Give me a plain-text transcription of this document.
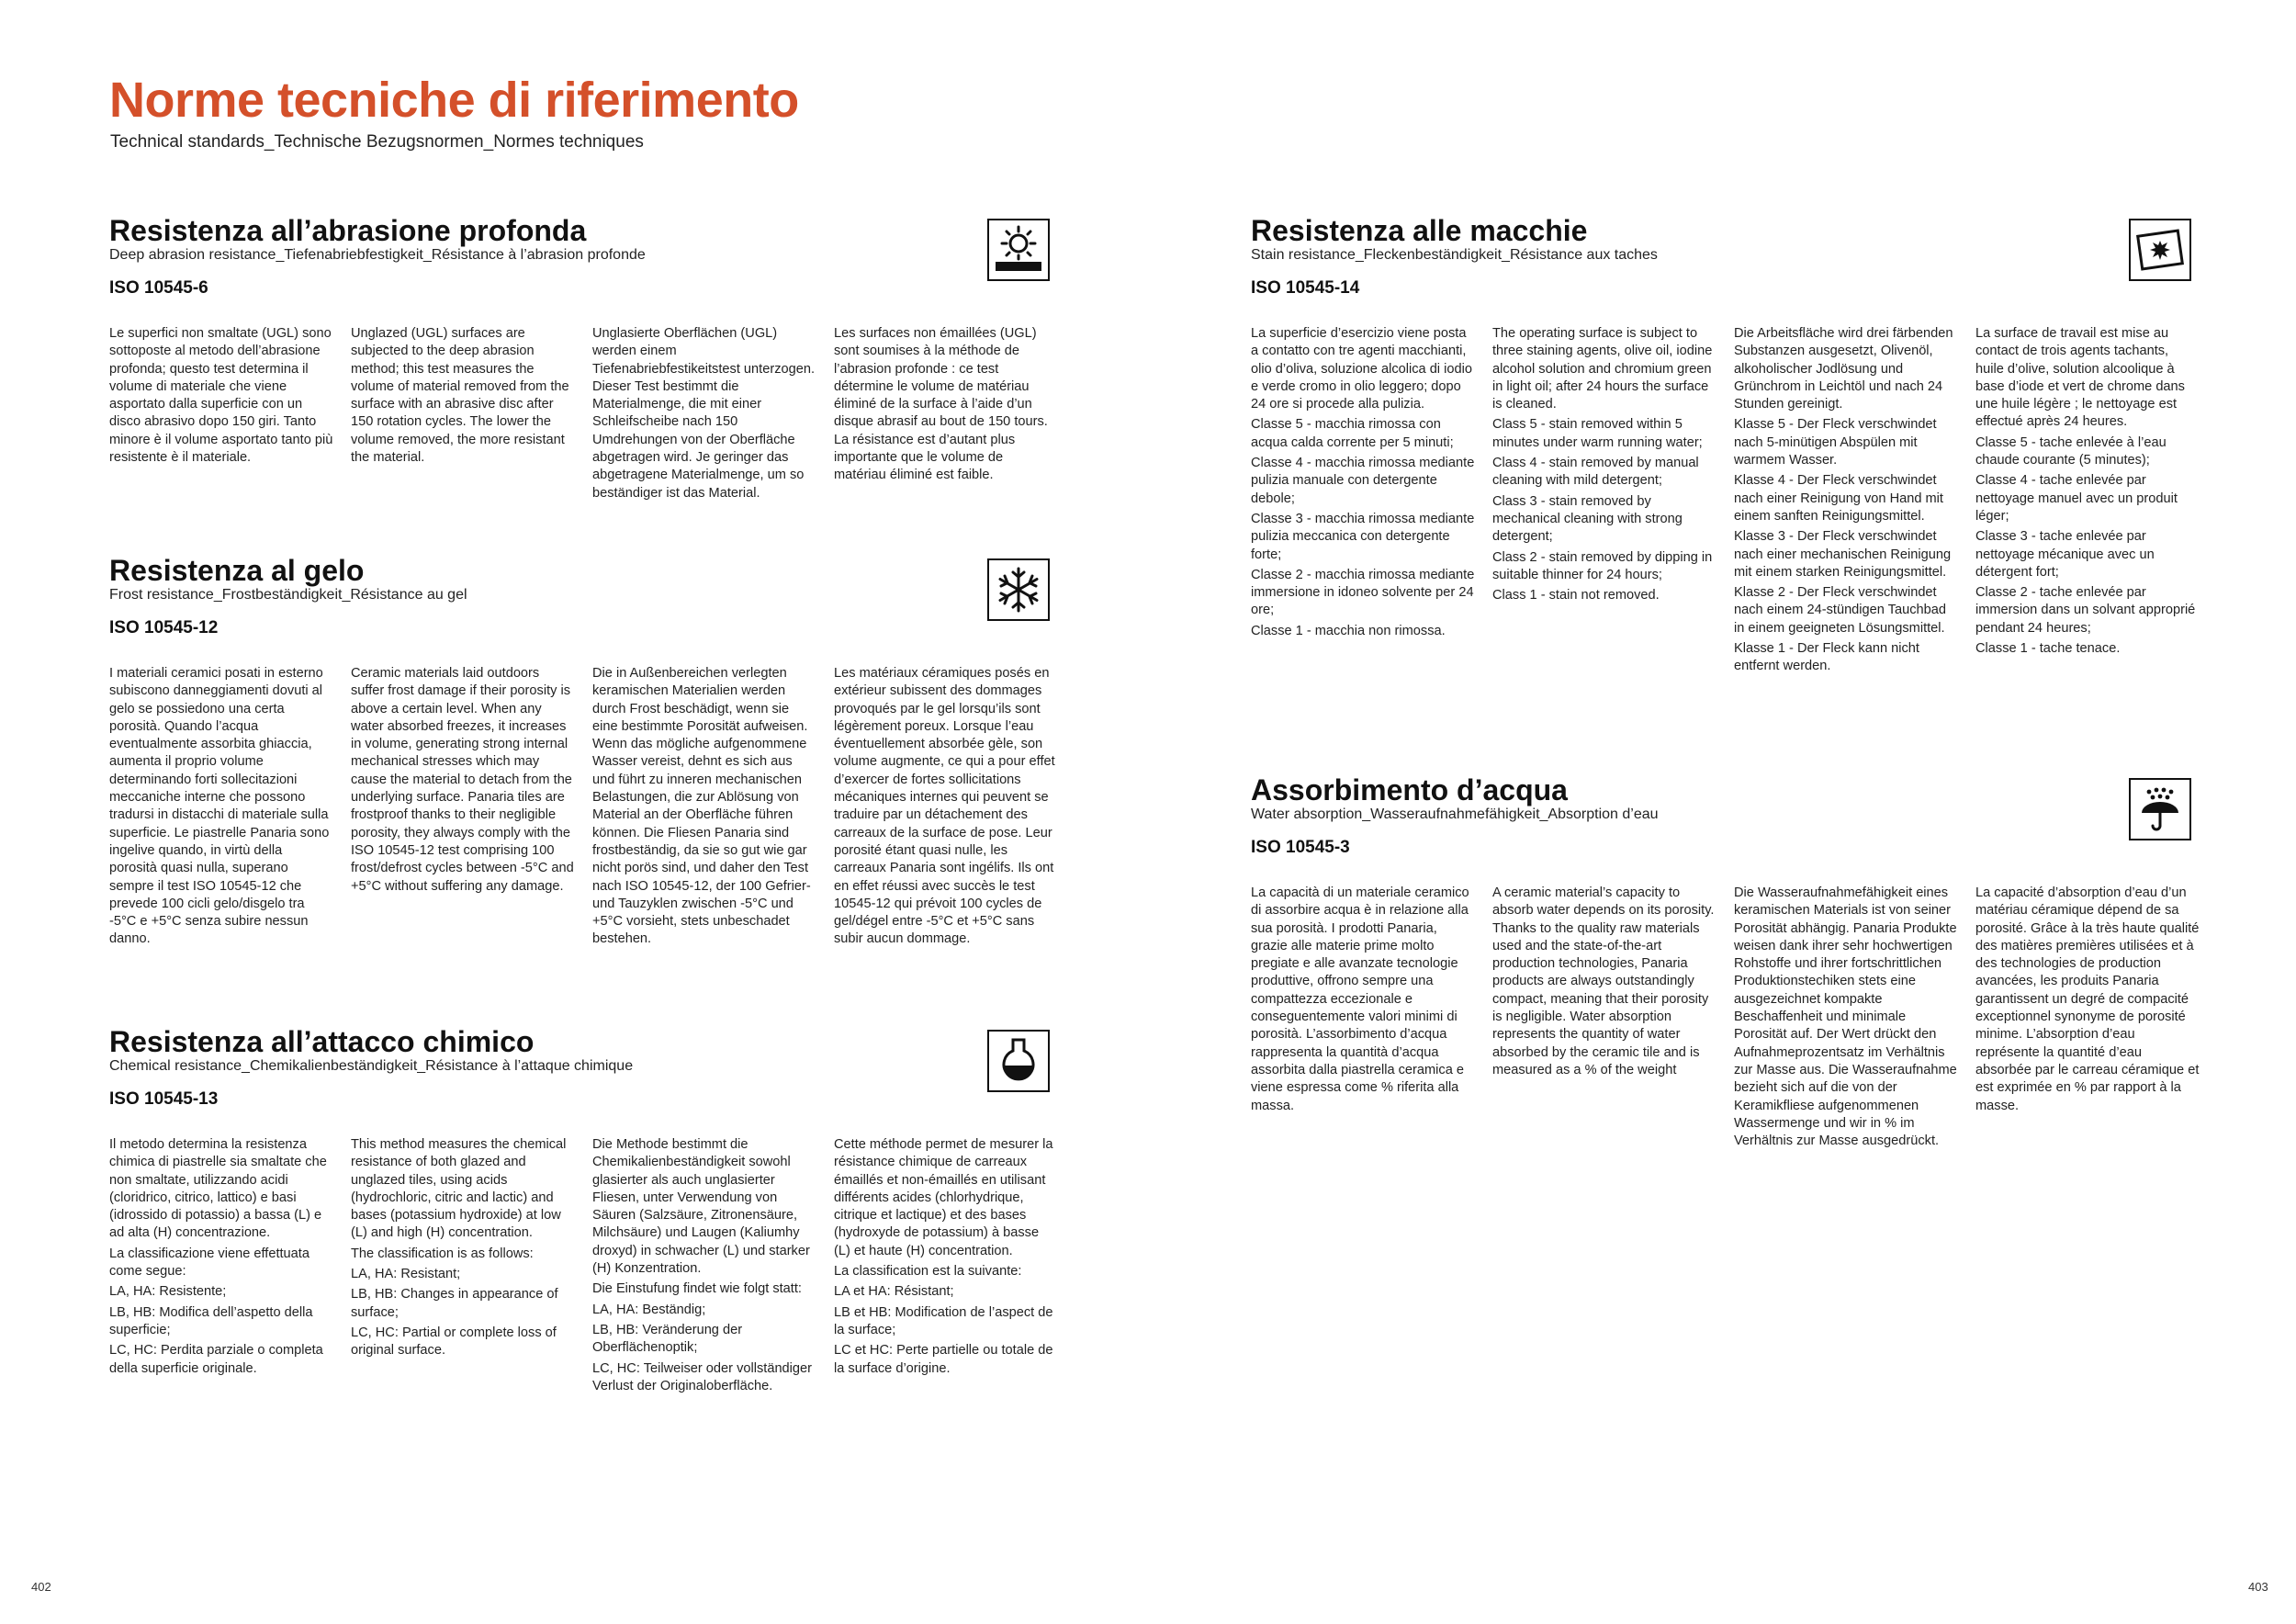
Norme tecniche di riferimento
Technical standards_Technische Bezugsnormen_Normes techniques
Resistenza all’abrasione profonda
Deep abrasion resistance_Tiefenabriebfestigkeit_Résistance à l’abrasion profonde
ISO 10545-6

Le superfici non smaltate (UGL) sono sottoposte al metodo dell’abrasione profonda; questo test determina il volume di materiale che viene asportato dalla superficie con un disco abrasivo dopo 150 giri. Tanto minore è il volume asportato tanto più resistente è il materiale.

Unglazed (UGL) surfaces are subjected to the deep abrasion method; this test measures the volume of material removed from the surface with an abrasive disc after 150 rotation cycles. The lower the volume removed, the more resistant the material.

Unglasierte Oberflächen (UGL) werden einem Tiefenabriebfestikeitstest unterzogen. Dieser Test bestimmt die Materialmenge, die mit einer Schleifscheibe nach 150 Umdrehungen von der Oberfläche abgetragen wird. Je geringer das abgetragene Materialmenge, um so beständiger ist das Material.

Les surfaces non émaillées (UGL) sont soumises à la méthode de l’abrasion profonde : ce test détermine le volume de matériau éliminé de la surface à l’aide d’un disque abrasif au bout de 150 tours. La résistance est d’autant plus importante que le volume de matériau éliminé est faible.

Resistenza al gelo
Frost resistance_Frostbeständigkeit_Résistance au gel
ISO 10545-12

I materiali ceramici posati in esterno subiscono danneggiamenti dovuti al gelo se possiedono una certa porosità. Quando l’acqua eventualmente assorbita ghiaccia, aumenta il proprio volume determinando forti sollecitazioni meccaniche interne che possono tradursi in distacchi di materiale sulla superficie. Le piastrelle Panaria sono ingelive quando, in virtù della porosità quasi nulla, superano sempre il test ISO 10545-12 che prevede 100 cicli gelo/disgelo tra -5°C e +5°C senza subire nessun danno.

Ceramic materials laid outdoors suffer frost damage if their porosity is above a certain level. When any water absorbed freezes, it increases in volume, generating strong internal mechanical stresses which may cause the material to detach from the underlying surface. Panaria tiles are frostproof thanks to their negligible porosity, they always comply with the ISO 10545-12 test comprising 100 frost/defrost cycles between -5°C and +5°C without suffering any damage.

Die in Außenbereichen verlegten keramischen Materialien werden durch Frost beschädigt, wenn sie eine bestimmte Porosität aufweisen. Wenn das mögliche aufgenommene Wasser vereist, dehnt es sich aus und führt zu inneren mechanischen Belastungen, die zur Ablösung von Material an der Oberfläche führen können. Die Fliesen Panaria sind frostbeständig, da sie so gut wie gar nicht porös sind, und daher den Test nach ISO 10545-12, der 100 Gefrier- und Tauzyklen zwischen -5°C und +5°C vorsieht, stets unbeschadet bestehen.

Les matériaux céramiques posés en extérieur subissent des dommages provoqués par le gel lorsqu’ils sont légèrement poreux. Lorsque l’eau éventuellement absorbée gèle, son volume augmente, ce qui a pour effet d’exercer de fortes sollicitations mécaniques internes qui peuvent se traduire par un détachement des carreaux de la surface de pose. Leur porosité étant quasi nulle, les carreaux Panaria sont ingélifs. Ils ont en effet réussi avec succès le test 10545-12 qui prévoit 100 cycles de gel/dégel entre -5°C et +5°C sans subir aucun dommage.

Resistenza all’attacco chimico
Chemical resistance_Chemikalienbeständigkeit_Résistance à l’attaque chimique
ISO 10545-13

Il metodo determina la resistenza chimica di piastrelle sia smaltate che non smaltate, utilizzando acidi (cloridrico, citrico, lattico) e basi (idrossido di potassio) a bassa (L) e ad alta (H) concentrazione.

La classificazione viene effettuata come segue:

LA, HA: Resistente;

LB, HB: Modifica dell’aspetto della superficie;

LC, HC: Perdita parziale o completa della superficie originale.

This method measures the chemical resistance of both glazed and unglazed tiles, using acids (hydrochloric, citric and lactic) and bases (potassium hydroxide) at low (L) and high (H) concentration.

The classification is as follows:

LA, HA: Resistant;

LB, HB: Changes in appearance of surface;

LC, HC: Partial or complete loss of original surface.

Die Methode bestimmt die Chemikalienbeständigkeit sowohl glasierter als auch unglasierter Fliesen, unter Verwendung von Säuren (Salzsäure, Zitronensäure, Milchsäure) und Laugen (Kaliumhy droxyd) in schwacher (L) und starker (H) Konzentration.

Die Einstufung findet wie folgt statt:

LA, HA: Beständig;

LB, HB: Veränderung der Oberflächenoptik;

LC, HC: Teilweiser oder vollständiger Verlust der Originaloberfläche.

Cette méthode permet de mesurer la résistance chimique de carreaux émaillés et non-émaillés en utilisant différents acides (chlorhydrique, citrique et lactique) et des bases (hydroxyde de potassium) à basse (L) et haute (H) concentration.

La classification est la suivante:

LA et HA: Résistant;

LB et HB: Modification de l’aspect de la surface;

LC et HC: Perte partielle ou totale de la surface d’origine.

Resistenza alle macchie
Stain resistance_Fleckenbeständigkeit_Résistance aux taches
ISO 10545-14

La superficie d’esercizio viene posta a contatto con tre agenti macchianti, olio d’oliva, soluzione alcolica di iodio e verde cromo in olio leggero; dopo 24 ore si procede alla pulizia.

Classe 5 - macchia rimossa con acqua calda corrente per 5 minuti;

Classe 4 - macchia rimossa mediante pulizia manuale con detergente debole;

Classe 3 - macchia rimossa mediante pulizia meccanica con detergente forte;

Classe 2 - macchia rimossa mediante immersione in idoneo solvente per 24 ore;

Classe 1 - macchia non rimossa.

The operating surface is subject to three staining agents, olive oil, iodine alcohol solution and chromium green in light oil; after 24 hours the surface is cleaned.

Class 5 - stain removed within 5 minutes under warm running water;

Class 4 - stain removed by manual cleaning with mild detergent;

Class 3 - stain removed by mechanical cleaning with strong detergent;

Class 2 - stain removed by dipping in suitable thinner for 24 hours;

Class 1 - stain not removed.

Die Arbeitsfläche wird drei färbenden Substanzen ausgesetzt, Olivenöl, alkoholischer Jodlösung und Grünchrom in Leichtöl und nach 24 Stunden gereinigt.

Klasse 5 - Der Fleck verschwindet nach 5-minütigen Abspülen mit warmem Wasser.

Klasse 4 - Der Fleck verschwindet nach einer Reinigung von Hand mit einem sanften Reinigungsmittel.

Klasse 3 - Der Fleck verschwindet nach einer mechanischen Reinigung mit einem starken Reinigungsmittel.

Klasse 2 - Der Fleck verschwindet nach einem 24-stündigen Tauchbad in einem geeigneten Lösungsmittel.

Klasse 1 - Der Fleck kann nicht entfernt werden.

La surface de travail est mise au contact de trois agents tachants, huile d’olive, solution alcoolique à base d’iode et vert de chrome dans une huile légère ; le nettoyage est effectué après 24 heures.

Classe 5 - tache enlevée à l’eau chaude courante (5 minutes);

Classe 4 - tache enlevée par nettoyage manuel avec un produit léger;

Classe 3 - tache enlevée par nettoyage mécanique avec un détergent fort;

Classe 2 - tache enlevée par immersion dans un solvant approprié pendant 24 heures;

Classe 1 - tache tenace.

Assorbimento d’acqua
Water absorption_Wasseraufnahmefähigkeit_Absorption d’eau
ISO 10545-3

La capacità di un materiale ceramico di assorbire acqua è in relazione alla sua porosità. I prodotti Panaria, grazie alle materie prime molto pregiate e alle avanzate tecnologie produttive, offrono sempre una compattezza eccezionale e conseguentemente valori minimi di porosità. L’assorbimento d’acqua rappresenta la quantità d’acqua assorbita dalla piastrella ceramica e viene espressa come % riferita alla massa.

A ceramic material’s capacity to absorb water depends on its porosity. Thanks to the quality raw materials used and the state-of-the-art production technologies, Panaria products are always outstandingly compact, meaning that their porosity is negligible. Water absorption represents the quantity of water absorbed by the ceramic tile and is measured as a % of the weight

Die Wasseraufnahmefähigkeit eines keramischen Materials ist von seiner Porosität abhängig. Panaria Produkte weisen dank ihrer sehr hochwertigen Rohstoffe und ihrer fortschrittlichen Produktionstechiken stets eine ausgezeichnet kompakte Beschaffenheit und minimale Porosität auf. Der Wert drückt den Aufnahmeprozentsatz im Verhältnis zur Masse aus. Die Wasseraufnahme bezieht sich auf die von der Keramikfliese aufgenommenen Wassermenge und wir in % im Verhältnis zur Masse ausgedrückt.

La capacité d’absorption d’eau d’un matériau céramique dépend de sa porosité. Grâce à la très haute qualité des matières premières utilisées et à des technologies de production avancées, les produits Panaria garantissent un degré de compacité exceptionnel synonyme de porosité minime. L’absorption d’eau représente la quantité d’eau absorbée par le carreau céramique et est exprimée en % par rapport à la masse.

402	403
